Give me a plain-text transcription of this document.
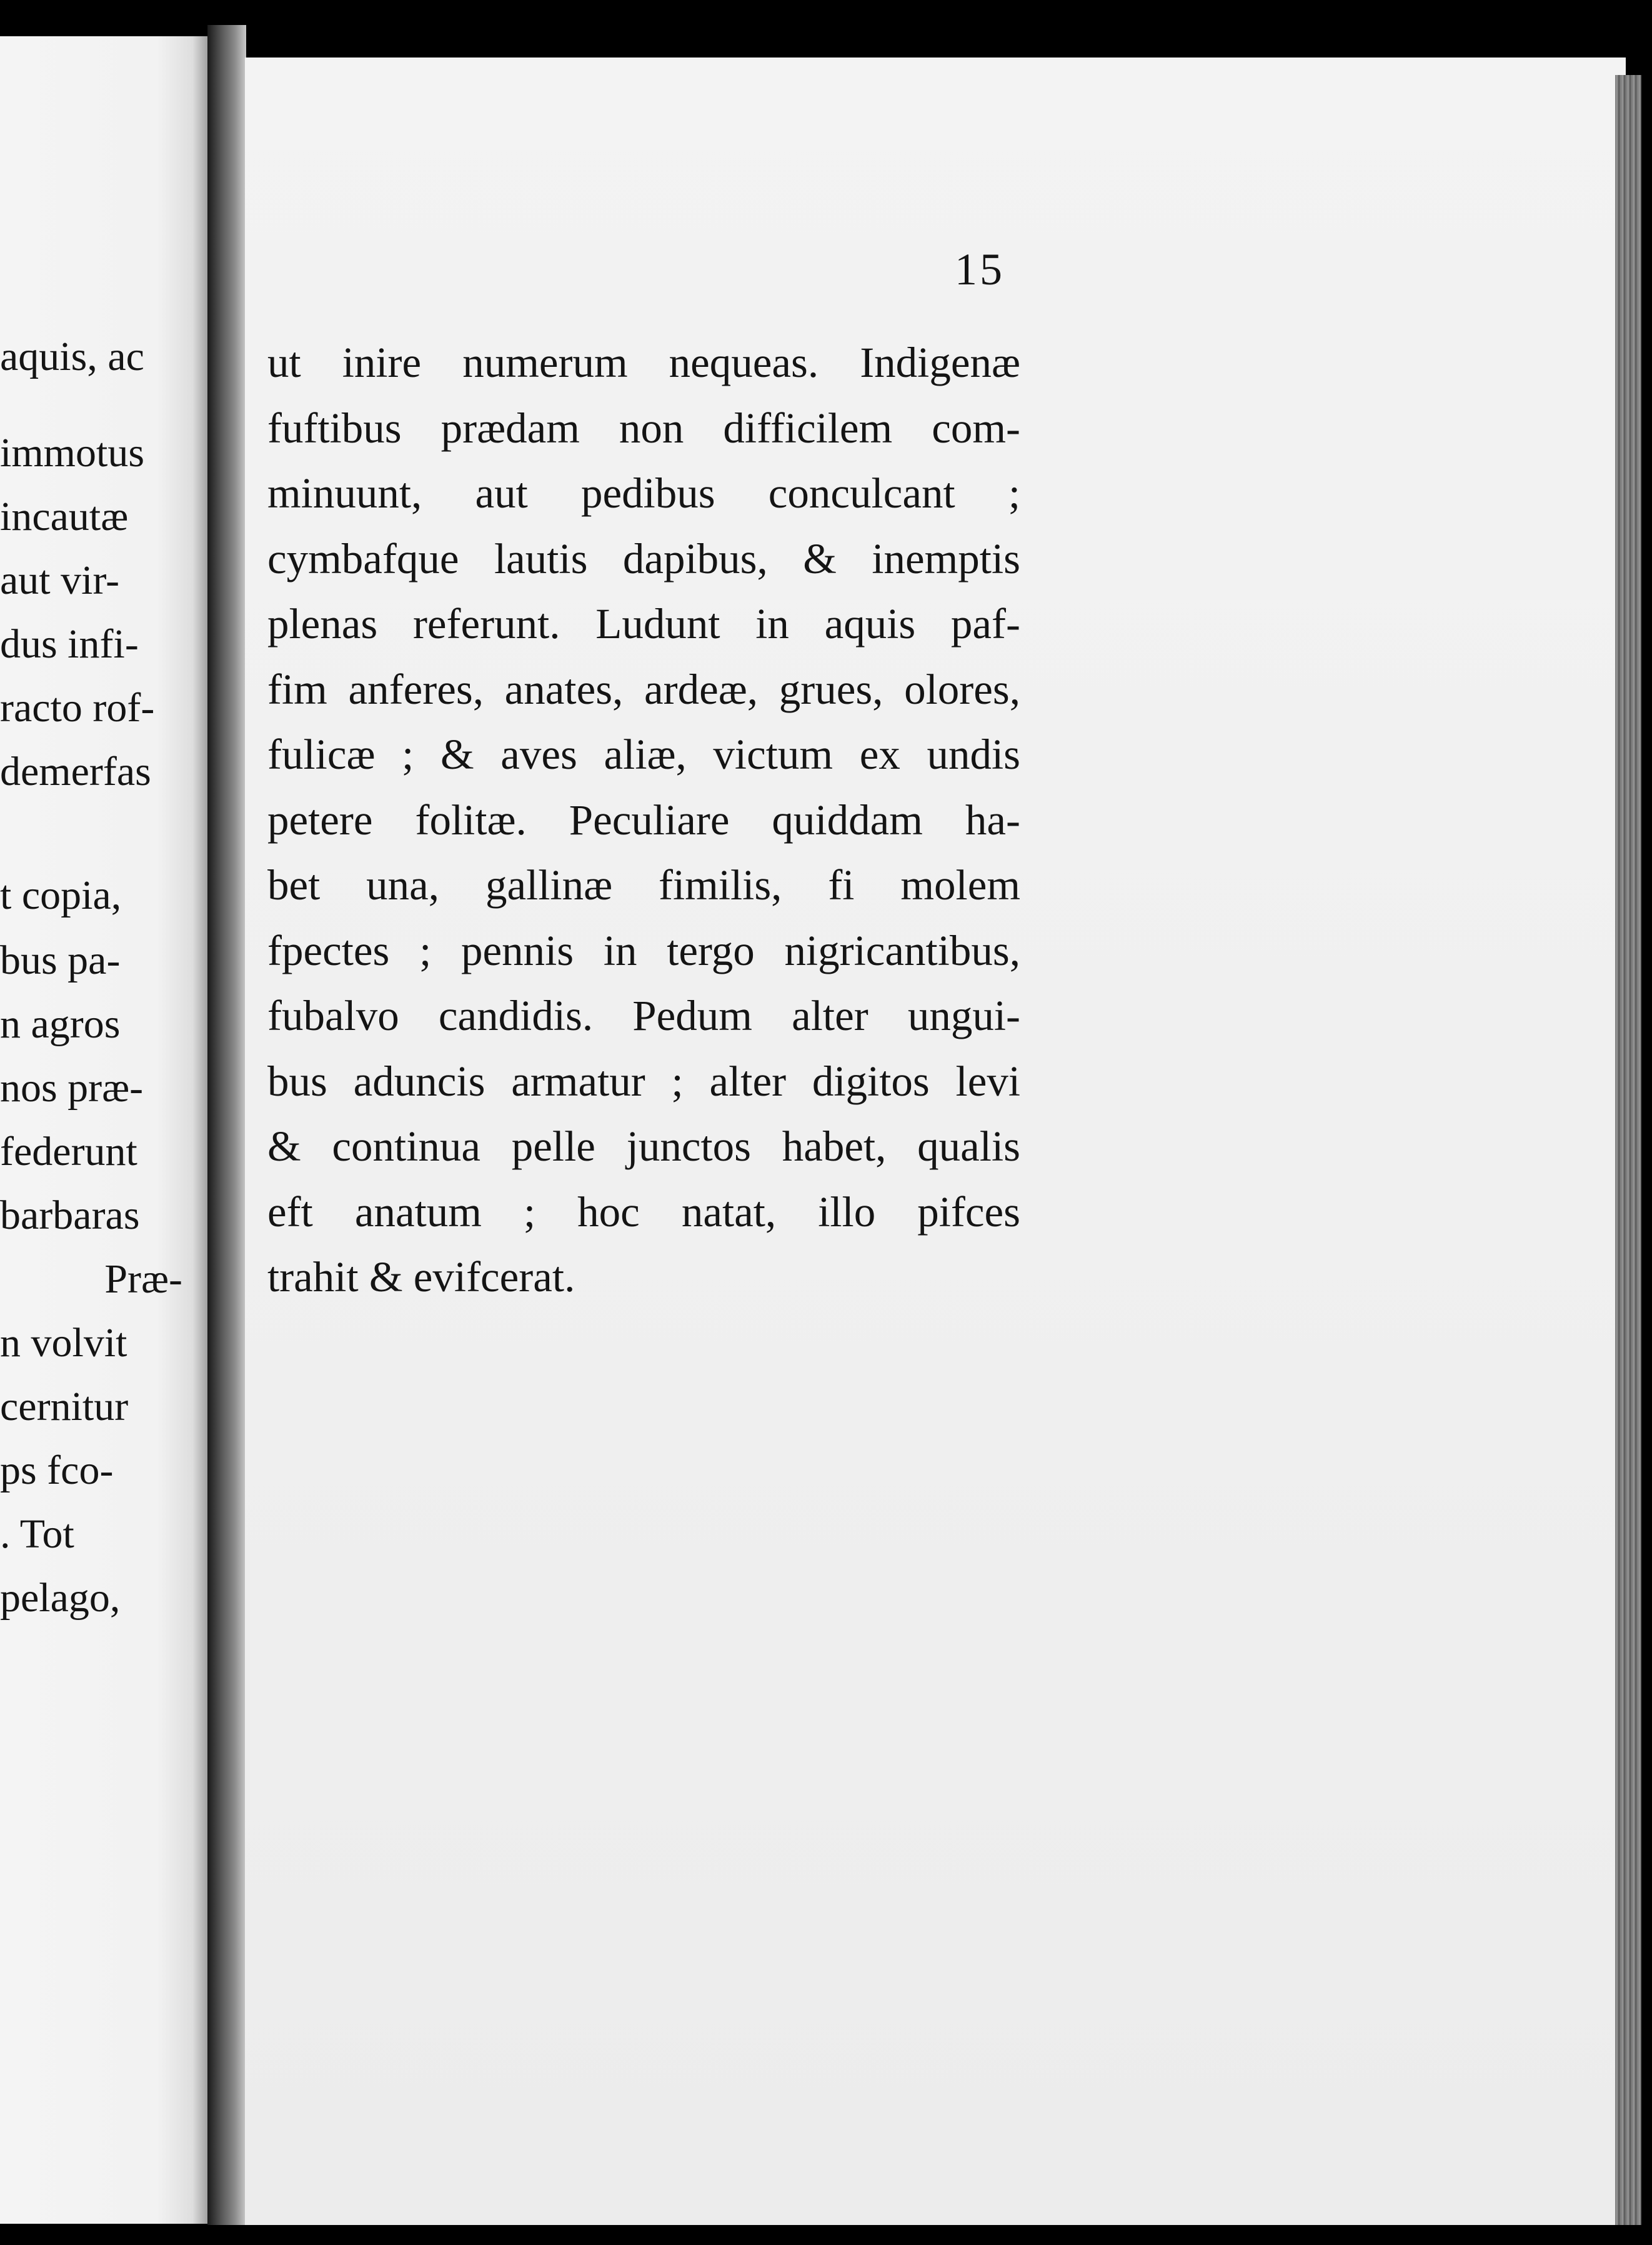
aquis, ac
immotus
incautæ
aut vir-
dus infi-
racto rof-
demerfas
t copia,
bus pa-
n agros
nos præ-
federunt
barbaras
Præ-
n volvit
cernitur
ps fco-
. Tot
pelago,
15
ut inire numerum nequeas. Indigenæ
fuftibus prædam non difficilem com-
minuunt, aut pedibus conculcant ;
cymbafque lautis dapibus, & inemptis
plenas referunt. Ludunt in aquis paf-
fim anferes, anates, ardeæ, grues, olores,
fulicæ ; & aves aliæ, victum ex undis
petere folitæ. Peculiare quiddam ha-
bet una, gallinæ fimilis, fi molem
fpectes ; pennis in tergo nigricantibus,
fubalvo candidis. Pedum alter ungui-
bus aduncis armatur ; alter digitos levi
& continua pelle junctos habet, qualis
eft anatum ; hoc natat, illo pifces
trahit & evifcerat.
